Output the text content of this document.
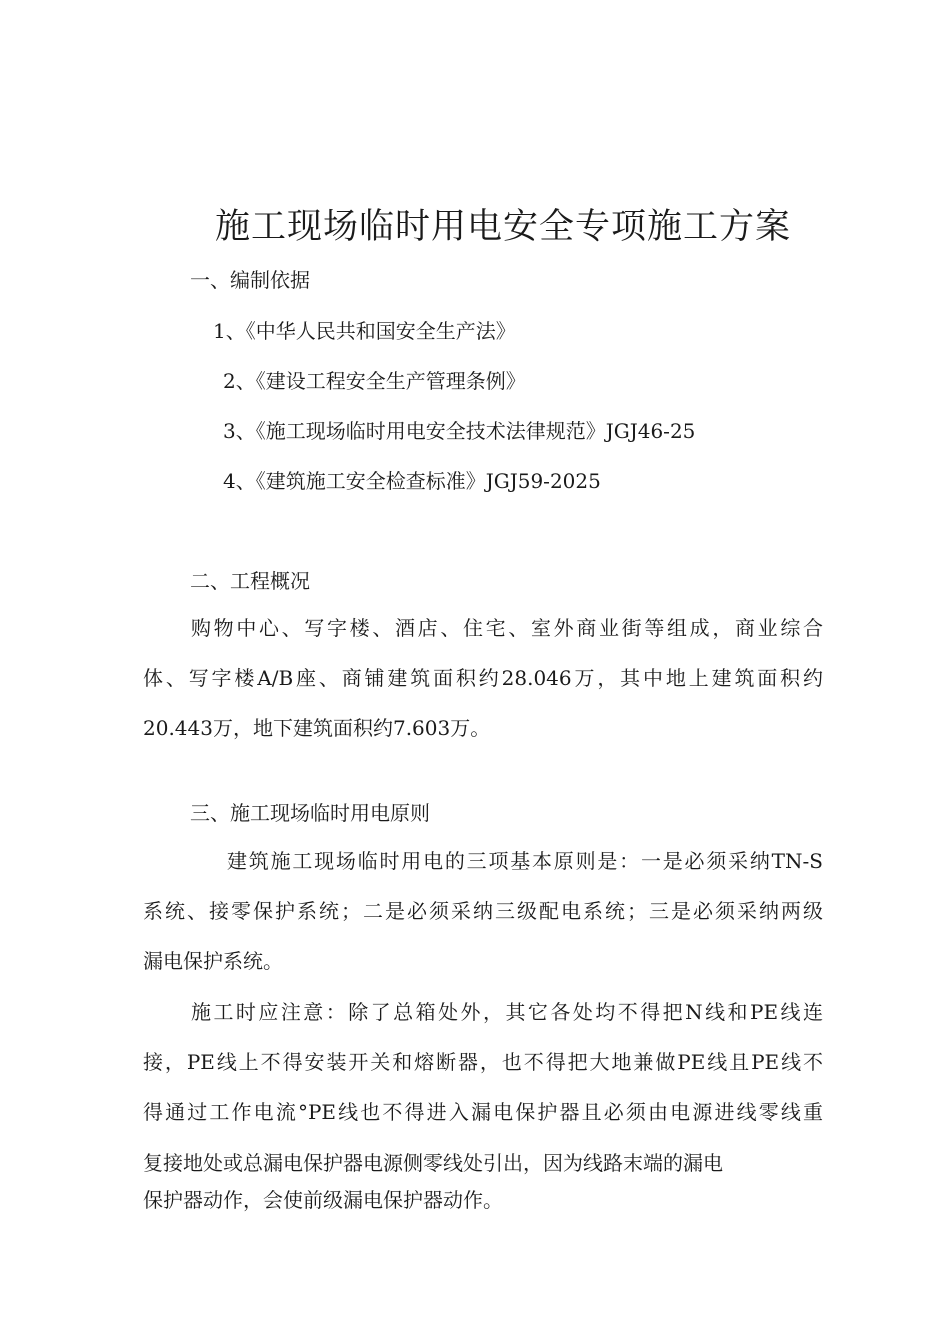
施工现场临时用电安全专项施工方案
一、编制依据
1、《中华人民共和国安全生产法》
2、《建设工程安全生产管理条例》
3、《施工现场临时用电安全技术法律规范》JGJ46-25
4、《建筑施工安全检查标准》JGJ59-2025
二、工程概况

购物中心、写字楼、酒店、住宅、室外商业街等组成，商业综合

体、写字楼A/B座、商铺建筑面积约28.046万，其中地上建筑面积约

20.443万，地下建筑面积约7.603万。

三、施工现场临时用电原则

建筑施工现场临时用电的三项基本原则是：一是必须采纳TN-S

系统、接零保护系统；二是必须采纳三级配电系统；三是必须采纳两级

漏电保护系统。

施工时应注意：除了总箱处外，其它各处均不得把N线和PE线连

接，PE线上不得安装开关和熔断器，也不得把大地兼做PE线且PE线不

得通过工作电流°PE线也不得进入漏电保护器且必须由电源进线零线重

复接地处或总漏电保护器电源侧零线处引出，因为线路末端的漏电

保护器动作，会使前级漏电保护器动作。
